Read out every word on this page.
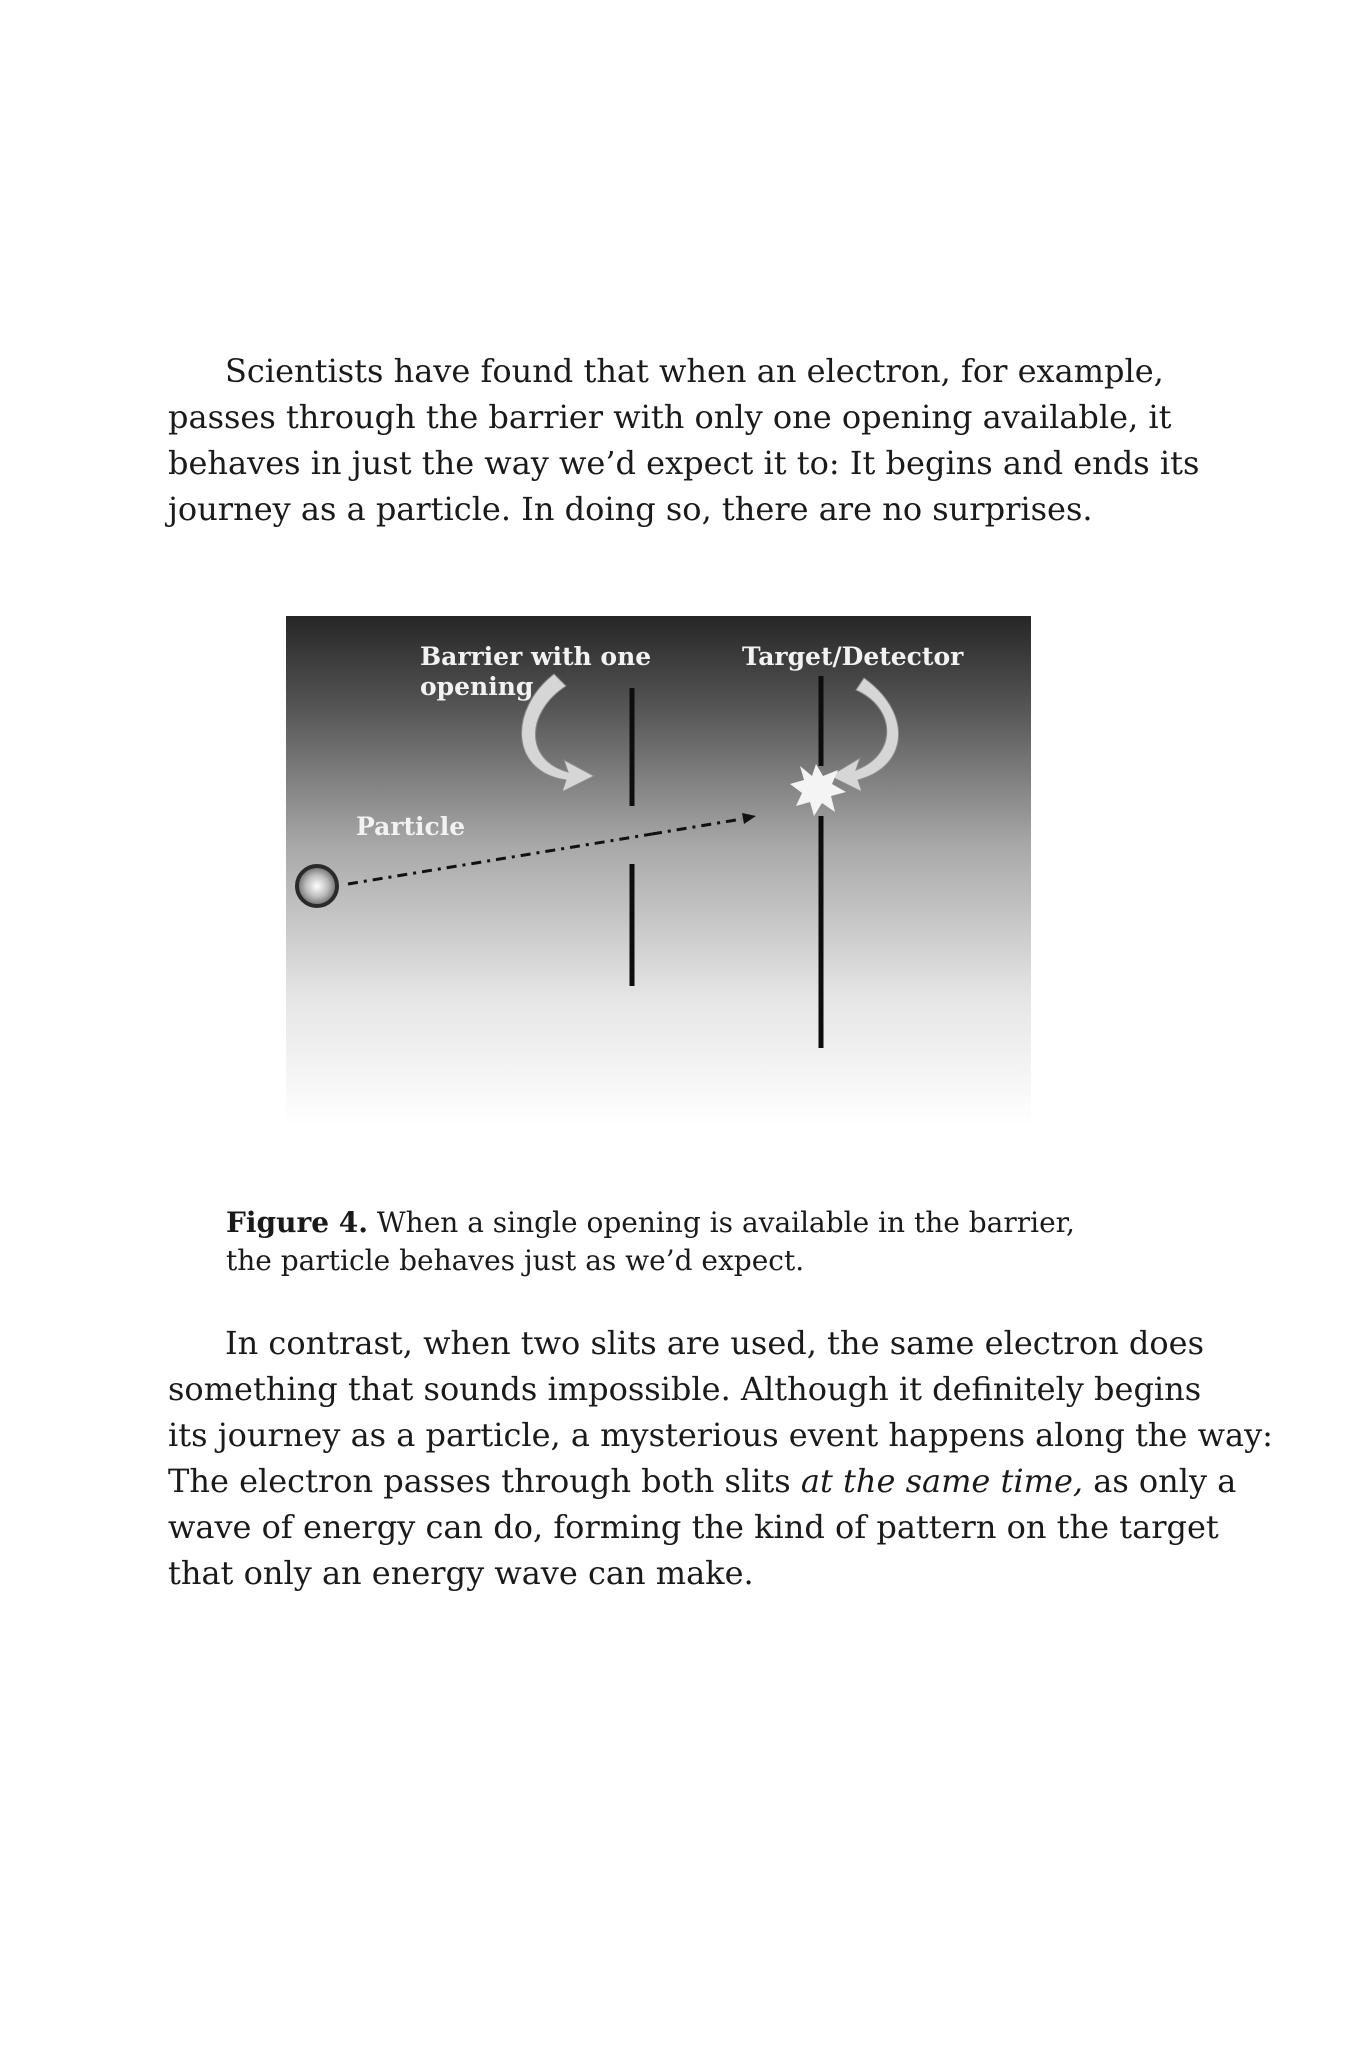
Scientists have found that when an electron, for example,
passes through the barrier with only one opening available, it
behaves in just the way we’d expect it to: It begins and ends its
journey as a particle. In doing so, there are no surprises.
Barrier with one
opening
Target/Detector
Particle

Figure 4. When a single opening is available in the barrier, the particle behaves just as we’d expect.

In contrast, when two slits are used, the same electron does
something that sounds impossible. Although it definitely begins
its journey as a particle, a mysterious event happens along the way:
The electron passes through both slits at the same time, as only a
wave of energy can do, forming the kind of pattern on the target
that only an energy wave can make.
